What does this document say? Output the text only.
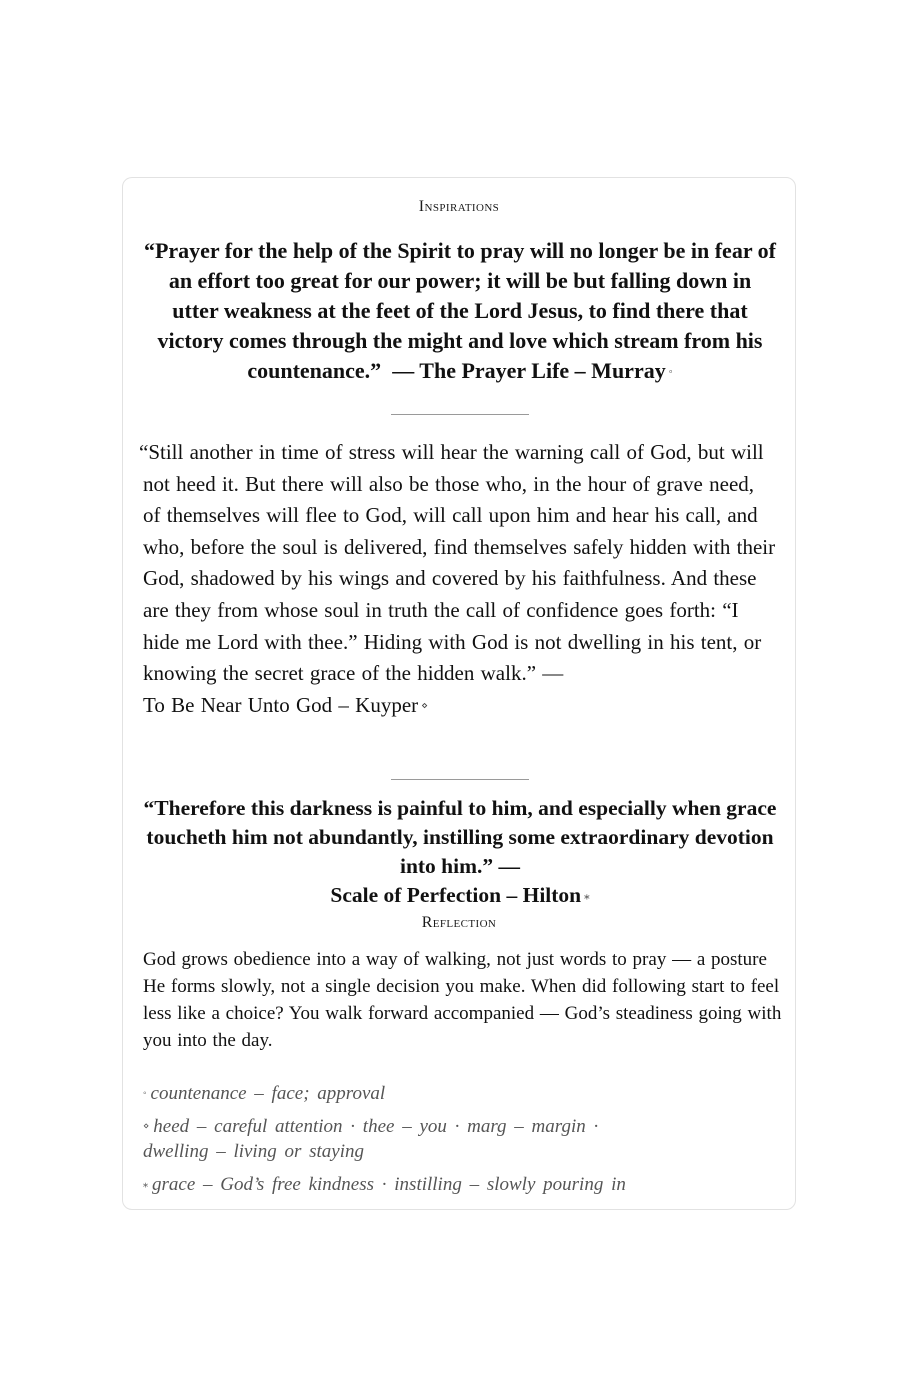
Inspirations
“Prayer for the help of the Spirit to pray will no longer be in fear of an effort too great for our power; it will be but falling down in utter weakness at the feet of the Lord Jesus, to find there that victory comes through the might and love which stream from his countenance.” — The Prayer Life – Murray ◦
“Still another in time of stress will hear the warning call of God, but will not heed it. But there will also be those who, in the hour of grave need, of themselves will flee to God, will call upon him and hear his call, and who, before the soul is delivered, find themselves safely hidden with their God, shadowed by his wings and covered by his faithfulness. And these are they from whose soul in truth the call of confidence goes forth: “I hide me Lord with thee.” Hiding with God is not dwelling in his tent, or knowing the secret grace of the hidden walk.” —
To Be Near Unto God – Kuyper ⋄
“Therefore this darkness is painful to him, and especially when grace toucheth him not abundantly, instilling some extraordinary devotion into him.” —
Scale of Perfection – Hilton ⁎
Reflection
God grows obedience into a way of walking, not just words to pray — a posture He forms slowly, not a single decision you make. When did following start to feel less like a choice? You walk forward accompanied — God’s steadiness going with you into the day.
◦ countenance – face; approval
⋄ heed – careful attention · thee – you · marg – margin ·
dwelling – living or staying
⁎ grace – God’s free kindness · instilling – slowly pouring in
